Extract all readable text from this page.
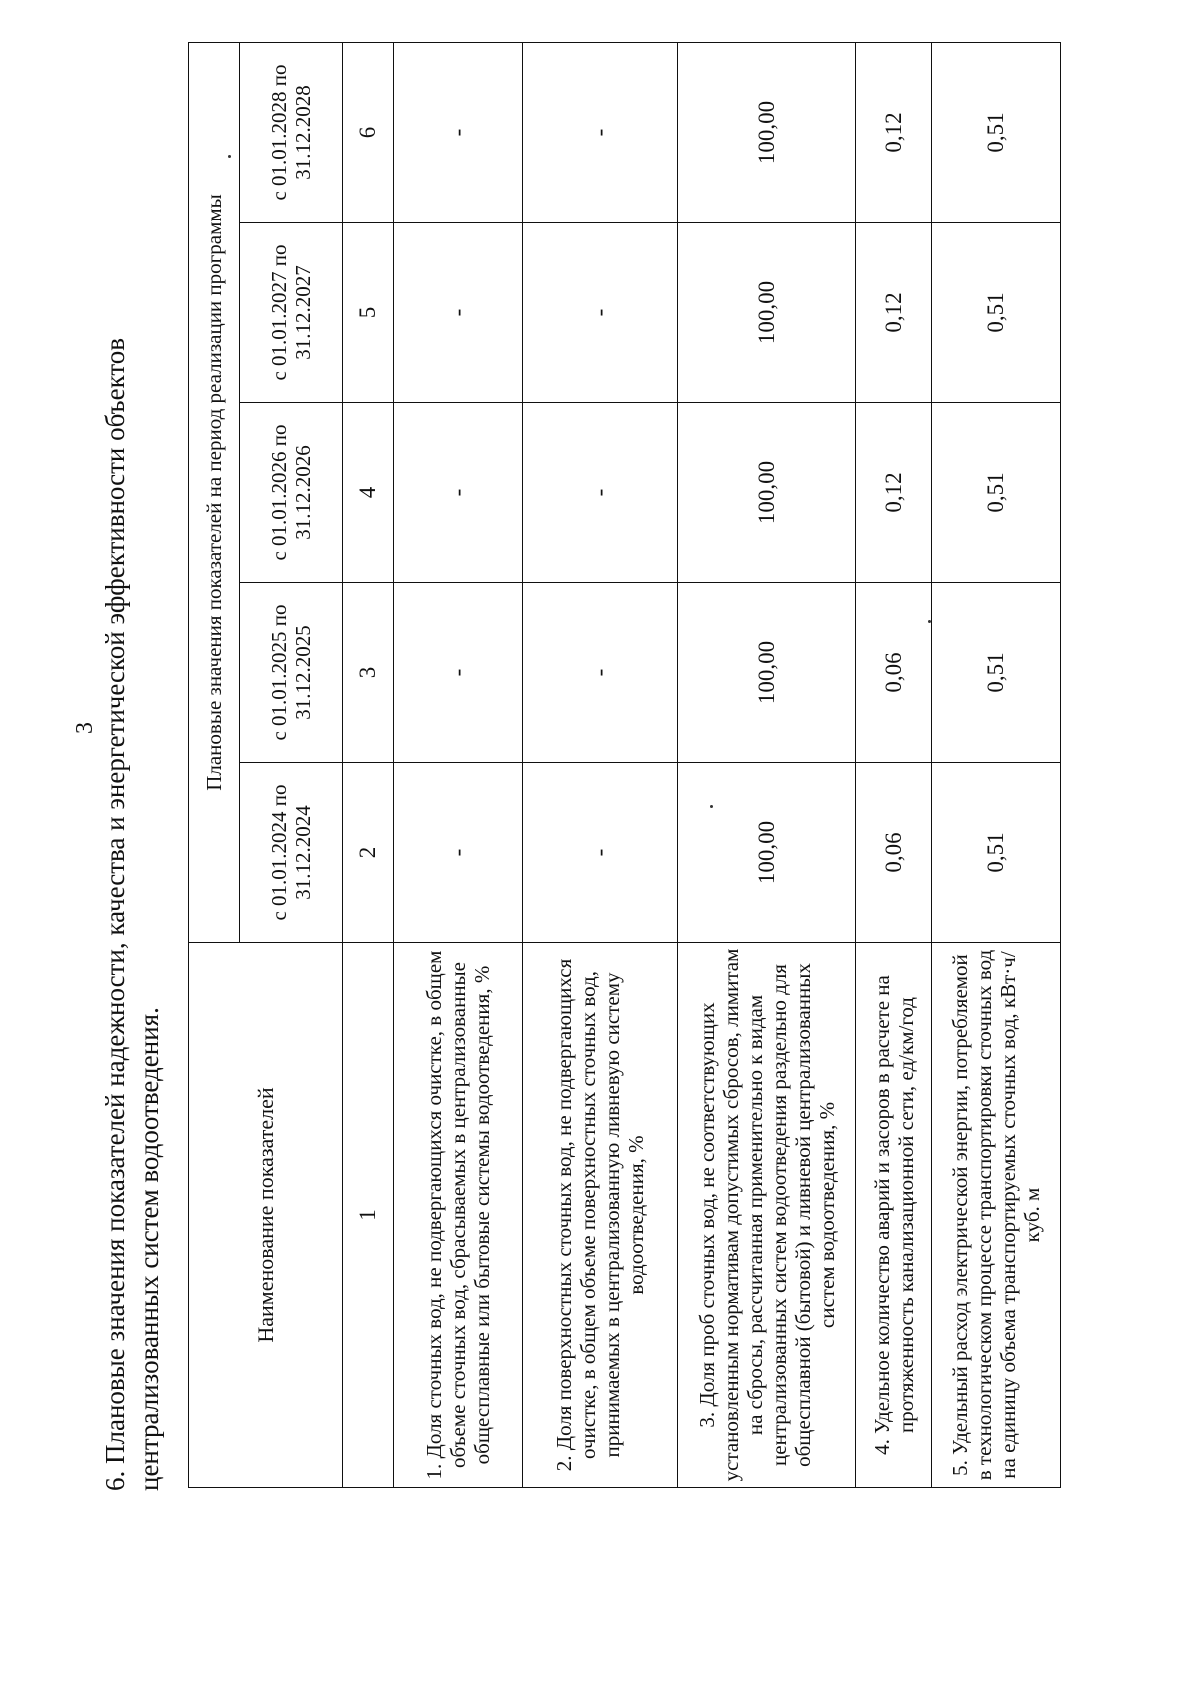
3 6. Плановые значения показателей надежности, качества и энергетической эффективности объектов централизованных систем водоотведения.	Наименование показателей	Плановые значения показателей на период реализации программы				
	с 01.01.2024 по 31.12.2024	с 01.01.2025 по 31.12.2025	с 01.01.2026 по 31.12.2026	с 01.01.2027 по 31.12.2027	с 01.01.2028 по 31.12.2028
1	2	3	4	5	6
1. Доля сточных вод, не подвергающихся очистке, в общем объеме сточных вод, сбрасываемых в централизованные общесплавные или бытовые системы водоотведения, %	-	-	-	-	-
2. Доля поверхностных сточных вод, не подвергающихся очистке, в общем объеме поверхностных сточных вод, принимаемых в централизованную ливневую систему водоотведения, %	-	-	-	-	-
3. Доля проб сточных вод, не соответствующих установленным нормативам допустимых сбросов, лимитам на сбросы, рассчитанная применительно к видам централизованных систем водоотведения раздельно для общесплавной (бытовой) и ливневой централизованных систем водоотведения, %	100,00	100,00	100,00	100,00	100,00
4. Удельное количество аварий и засоров в расчете на протяженность канализационной сети, ед/км/год	0,06	0,06	0,12	0,12	0,12
5. Удельный расход электрической энергии, потребляемой в технологическом процессе транспортировки сточных вод на единицу объема транспортируемых сточных вод, кВт·ч/куб. м	0,51	0,51	0,51	0,51	0,51
